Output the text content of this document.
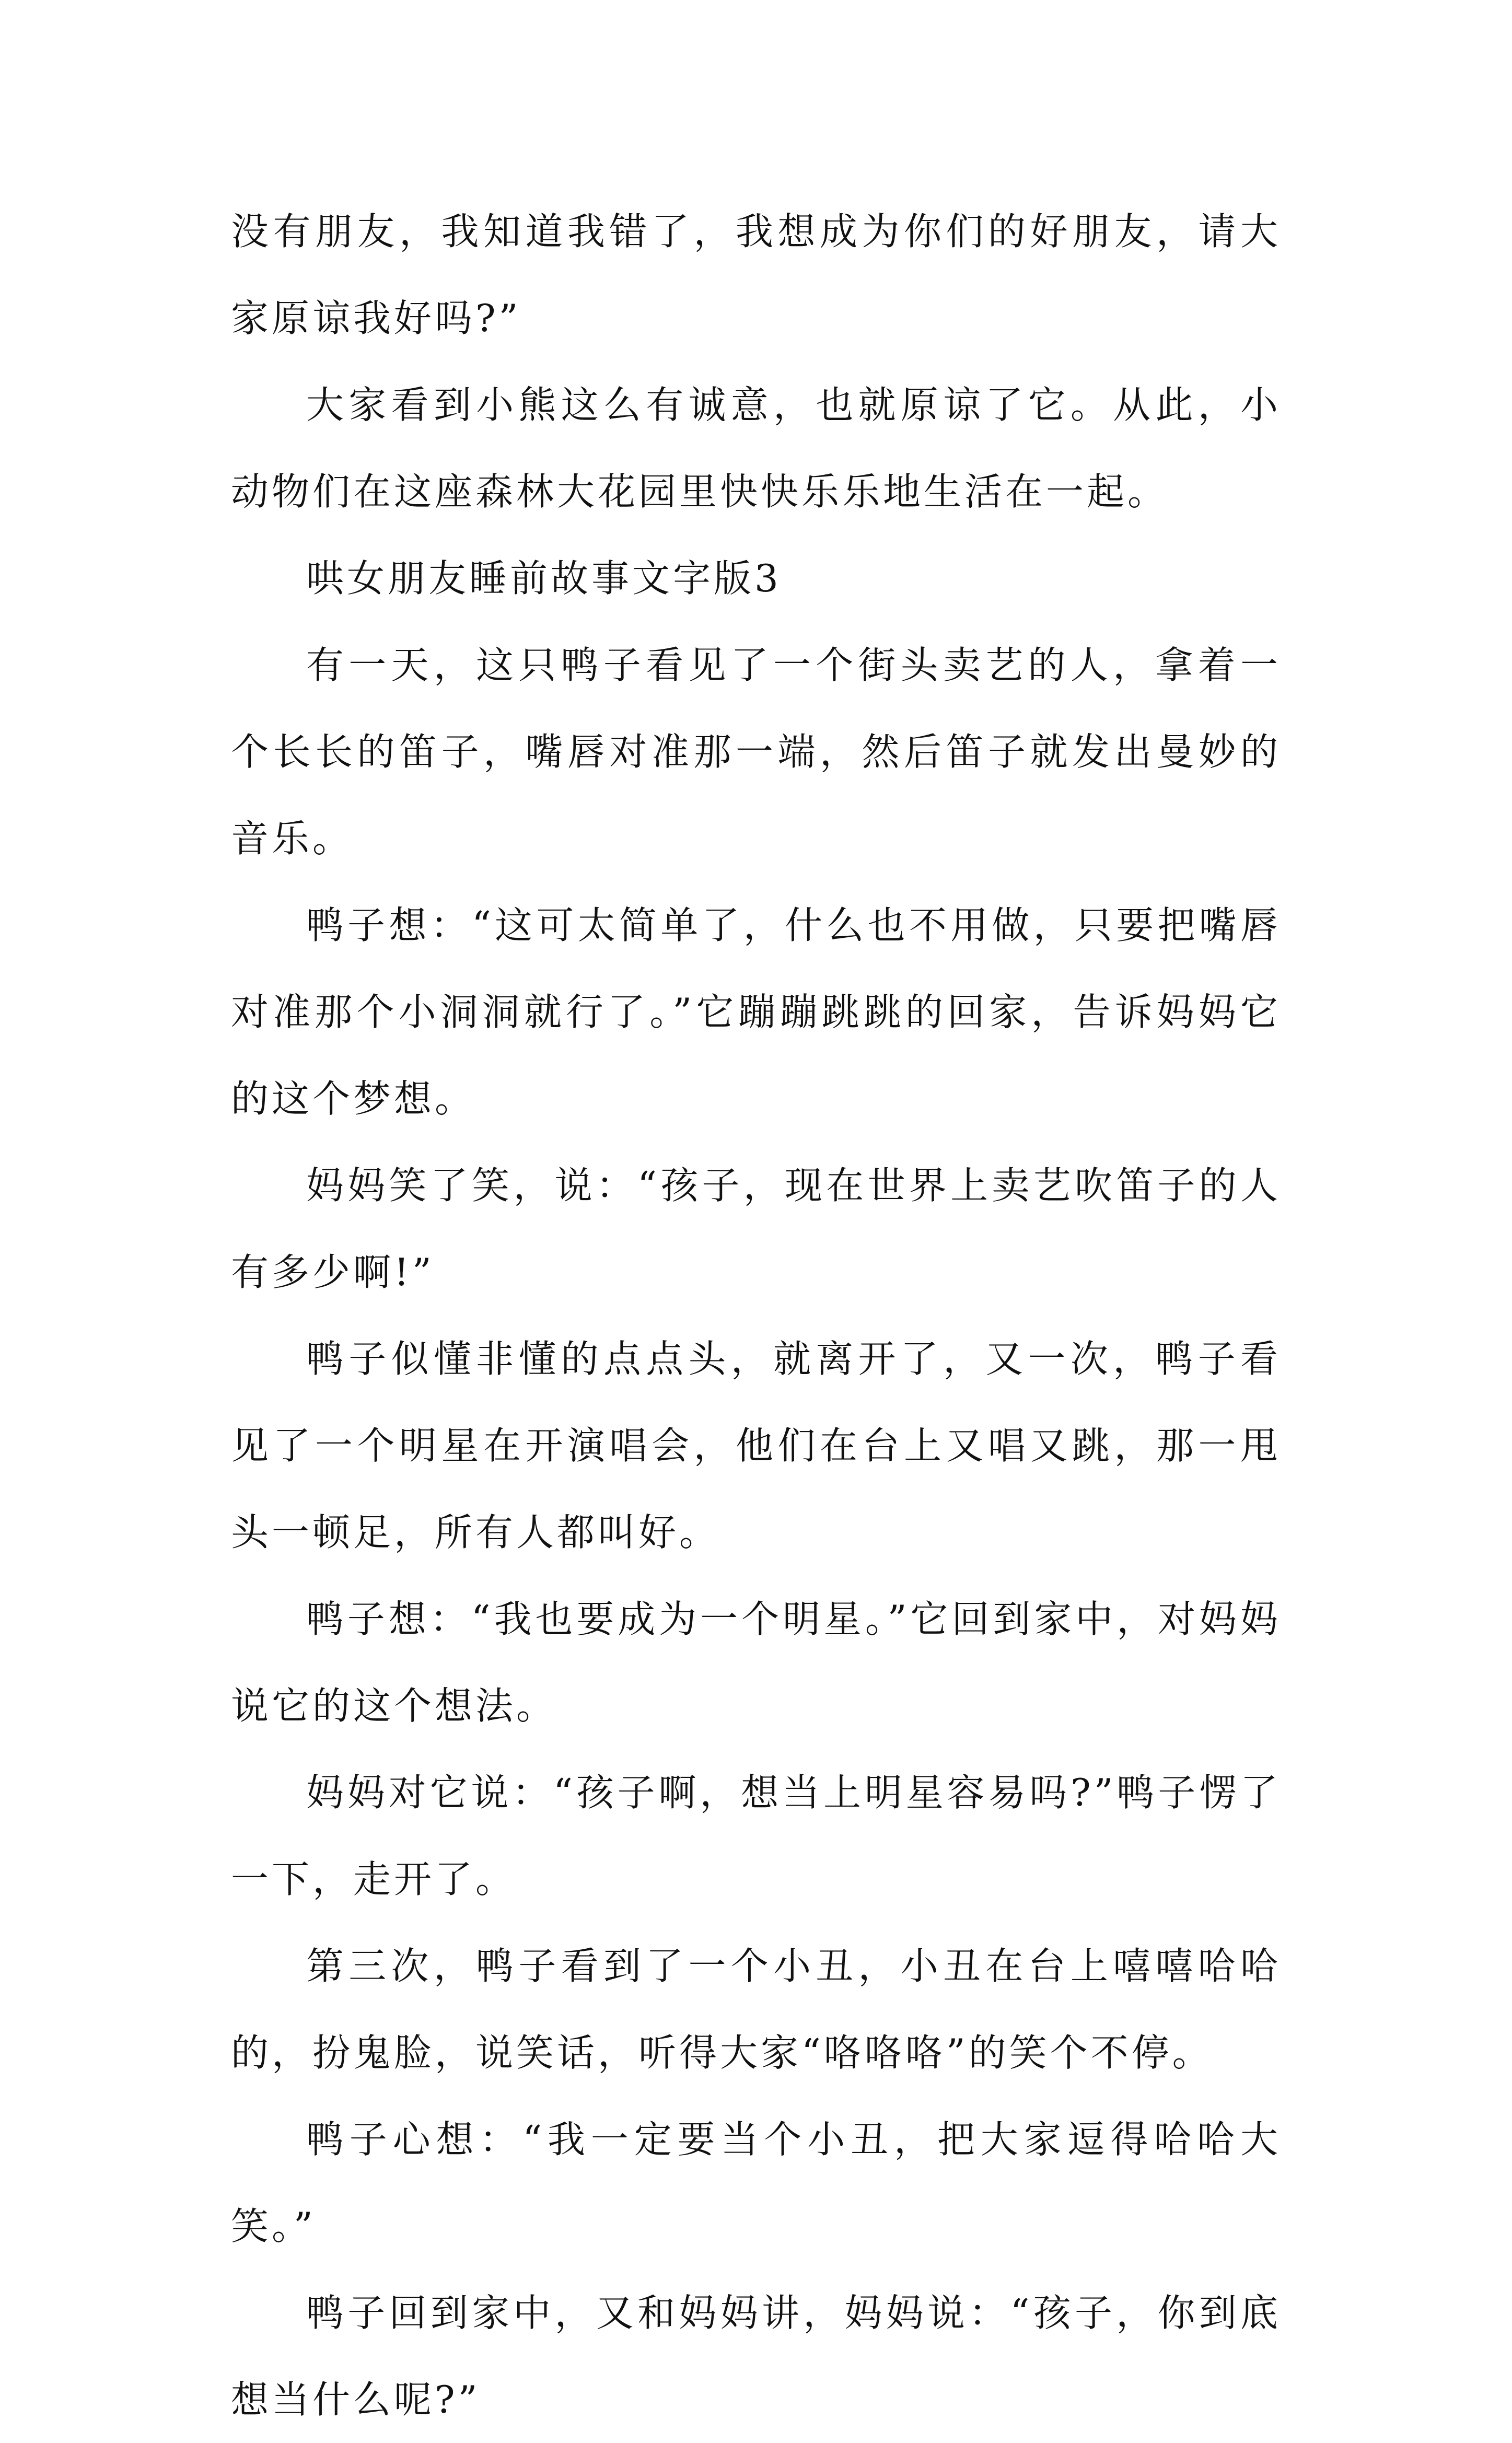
没有朋友，我知道我错了，我想成为你们的好朋友，请大家原谅我好吗?”

大家看到小熊这么有诚意，也就原谅了它。从此，小动物们在这座森林大花园里快快乐乐地生活在一起。

哄女朋友睡前故事文字版3

有一天，这只鸭子看见了一个街头卖艺的人，拿着一个长长的笛子，嘴唇对准那一端，然后笛子就发出曼妙的音乐。

鸭子想：“这可太简单了，什么也不用做，只要把嘴唇对准那个小洞洞就行了。”它蹦蹦跳跳的回家，告诉妈妈它的这个梦想。

妈妈笑了笑，说：“孩子，现在世界上卖艺吹笛子的人有多少啊!”

鸭子似懂非懂的点点头，就离开了，又一次，鸭子看见了一个明星在开演唱会，他们在台上又唱又跳，那一甩头一顿足，所有人都叫好。

鸭子想：“我也要成为一个明星。”它回到家中，对妈妈说它的这个想法。

妈妈对它说：“孩子啊，想当上明星容易吗?”鸭子愣了一下，走开了。

第三次，鸭子看到了一个小丑，小丑在台上嘻嘻哈哈的，扮鬼脸，说笑话，听得大家“咯咯咯”的笑个不停。

鸭子心想：“我一定要当个小丑，把大家逗得哈哈大笑。”

鸭子回到家中，又和妈妈讲，妈妈说：“孩子，你到底想当什么呢?”
